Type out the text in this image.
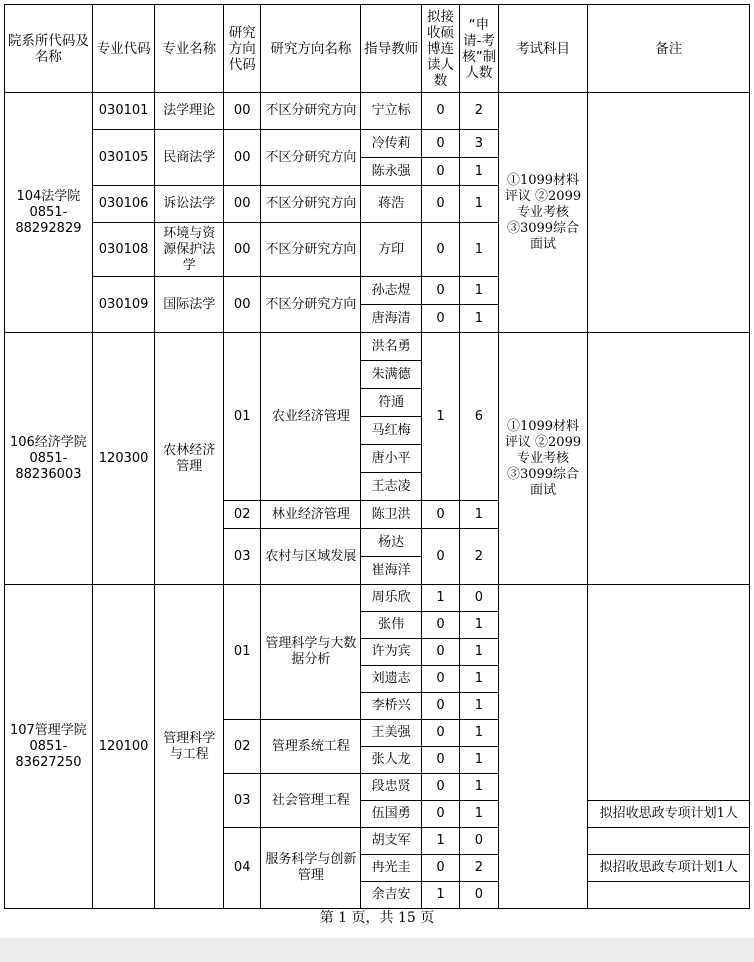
院系所代码及名称	专业代码	专业名称	研究方向代码	研究方向名称	指导教师	拟接收硕博连读人数	“申请-考核”制人数	考试科目	备注
104法学院 0851-88292829	030101	法学理论	00	不区分研究方向	宁立标	0	2	①1099材料评议 ②2099专业考核 ③3099综合面试	
	030105	民商法学	00	不区分研究方向	冷传莉	0	3		
					陈永强	0	1		
	030106	诉讼法学	00	不区分研究方向	蒋浩	0	1		
	030108	环境与资源保护法学	00	不区分研究方向	方印	0	1		
	030109	国际法学	00	不区分研究方向	孙志煜	0	1		
					唐海清	0	1		
106经济学院 0851-88236003	120300	农林经济管理	01	农业经济管理	洪名勇	1	6	①1099材料评议 ②2099专业考核 ③3099综合面试	
					朱满德				
					符通				
					马红梅				
					唐小平				
					王志凌				
			02	林业经济管理	陈卫洪	0	1		
			03	农村与区域发展	杨达	0	2		
					崔海洋				
107管理学院 0851-83627250	120100	管理科学与工程	01	管理科学与大数据分析	周乐欣	1	0		
					张伟	0	1		
					许为宾	0	1		
					刘遗志	0	1		
					李桥兴	0	1		
			02	管理系统工程	王美强	0	1		
					张人龙	0	1		
			03	社会管理工程	段忠贤	0	1		
					伍国勇	0	1		拟招收思政专项计划1人
			04	服务科学与创新管理	胡支军	1	0		
					冉光圭	0	2		拟招收思政专项计划1人
					余吉安	1	0		
第 1 页，共 15 页
